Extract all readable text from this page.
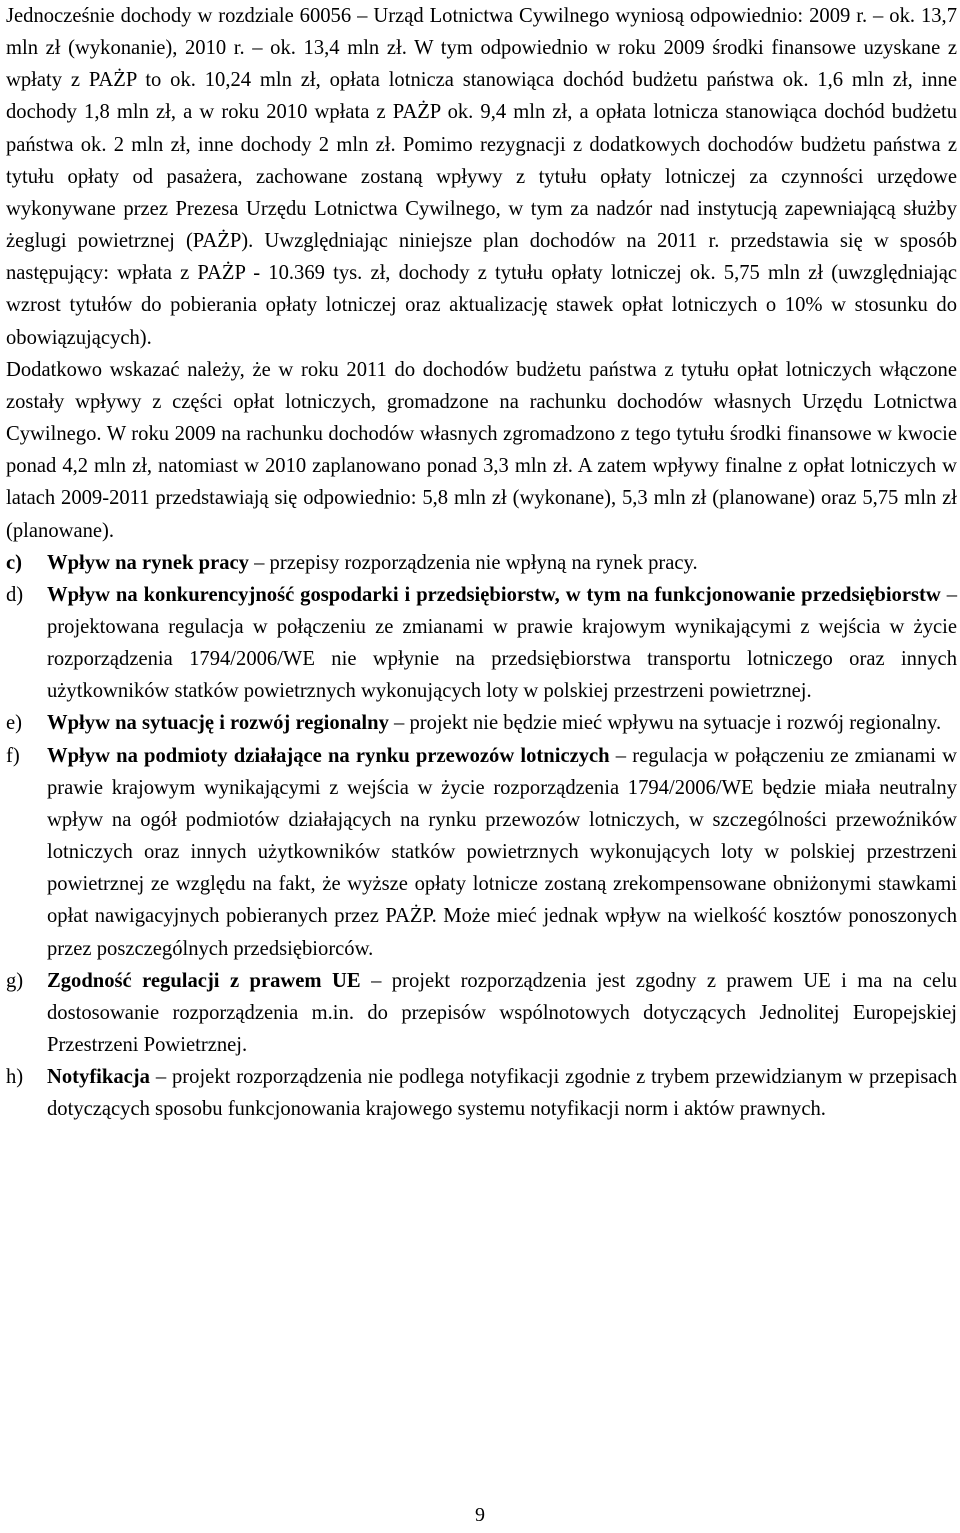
Jednocześnie dochody w rozdziale 60056 – Urząd Lotnictwa Cywilnego wyniosą odpowiednio: 2009 r. – ok. 13,7 mln zł (wykonanie), 2010 r. – ok. 13,4 mln zł. W tym odpowiednio w roku 2009 środki finansowe uzyskane z wpłaty z PAŻP to ok. 10,24 mln zł, opłata lotnicza stanowiąca dochód budżetu państwa ok. 1,6 mln zł, inne dochody 1,8 mln zł, a w roku 2010 wpłata z PAŻP ok. 9,4 mln zł, a opłata lotnicza stanowiąca dochód budżetu państwa ok. 2 mln zł, inne dochody 2 mln zł. Pomimo rezygnacji z dodatkowych dochodów budżetu państwa z tytułu opłaty od pasażera, zachowane zostaną wpływy z tytułu opłaty lotniczej za czynności urzędowe wykonywane przez Prezesa Urzędu Lotnictwa Cywilnego, w tym za nadzór nad instytucją zapewniającą służby żeglugi powietrznej (PAŻP). Uwzględniając niniejsze plan dochodów na 2011 r. przedstawia się w sposób następujący: wpłata z PAŻP - 10.369 tys. zł, dochody z tytułu opłaty lotniczej ok. 5,75 mln zł (uwzględniając wzrost tytułów do pobierania opłaty lotniczej oraz aktualizację stawek opłat lotniczych o 10% w stosunku do obowiązujących).

Dodatkowo wskazać należy, że w roku 2011 do dochodów budżetu państwa z tytułu opłat lotniczych włączone zostały wpływy z części opłat lotniczych, gromadzone na rachunku dochodów własnych Urzędu Lotnictwa Cywilnego. W roku 2009 na rachunku dochodów własnych zgromadzono z tego tytułu środki finansowe w kwocie ponad 4,2 mln zł, natomiast w 2010 zaplanowano ponad 3,3 mln zł. A zatem wpływy finalne z opłat lotniczych w latach 2009-2011 przedstawiają się odpowiednio: 5,8 mln zł (wykonane), 5,3 mln zł (planowane) oraz 5,75 mln zł (planowane).

c) Wpływ na rynek pracy – przepisy rozporządzenia nie wpłyną na rynek pracy.

d) Wpływ na konkurencyjność gospodarki i przedsiębiorstw, w tym na funkcjonowanie przedsiębiorstw – projektowana regulacja w połączeniu ze zmianami w prawie krajowym wynikającymi z wejścia w życie rozporządzenia 1794/2006/WE nie wpłynie na przedsiębiorstwa transportu lotniczego oraz innych użytkowników statków powietrznych wykonujących loty w polskiej przestrzeni powietrznej.

e) Wpływ na sytuację i rozwój regionalny – projekt nie będzie mieć wpływu na sytuacje i rozwój regionalny.

f) Wpływ na podmioty działające na rynku przewozów lotniczych – regulacja w połączeniu ze zmianami w prawie krajowym wynikającymi z wejścia w życie rozporządzenia 1794/2006/WE będzie miała neutralny wpływ na ogół podmiotów działających na rynku przewozów lotniczych, w szczególności przewoźników lotniczych oraz innych użytkowników statków powietrznych wykonujących loty w polskiej przestrzeni powietrznej ze względu na fakt, że wyższe opłaty lotnicze zostaną zrekompensowane obniżonymi stawkami opłat nawigacyjnych pobieranych przez PAŻP. Może mieć jednak wpływ na wielkość kosztów ponoszonych przez poszczególnych przedsiębiorców.

g) Zgodność regulacji z prawem UE – projekt rozporządzenia jest zgodny z prawem UE i ma na celu dostosowanie rozporządzenia m.in. do przepisów wspólnotowych dotyczących Jednolitej Europejskiej Przestrzeni Powietrznej.

h) Notyfikacja – projekt rozporządzenia nie podlega notyfikacji zgodnie z trybem przewidzianym w przepisach dotyczących sposobu funkcjonowania krajowego systemu notyfikacji norm i aktów prawnych.

9
